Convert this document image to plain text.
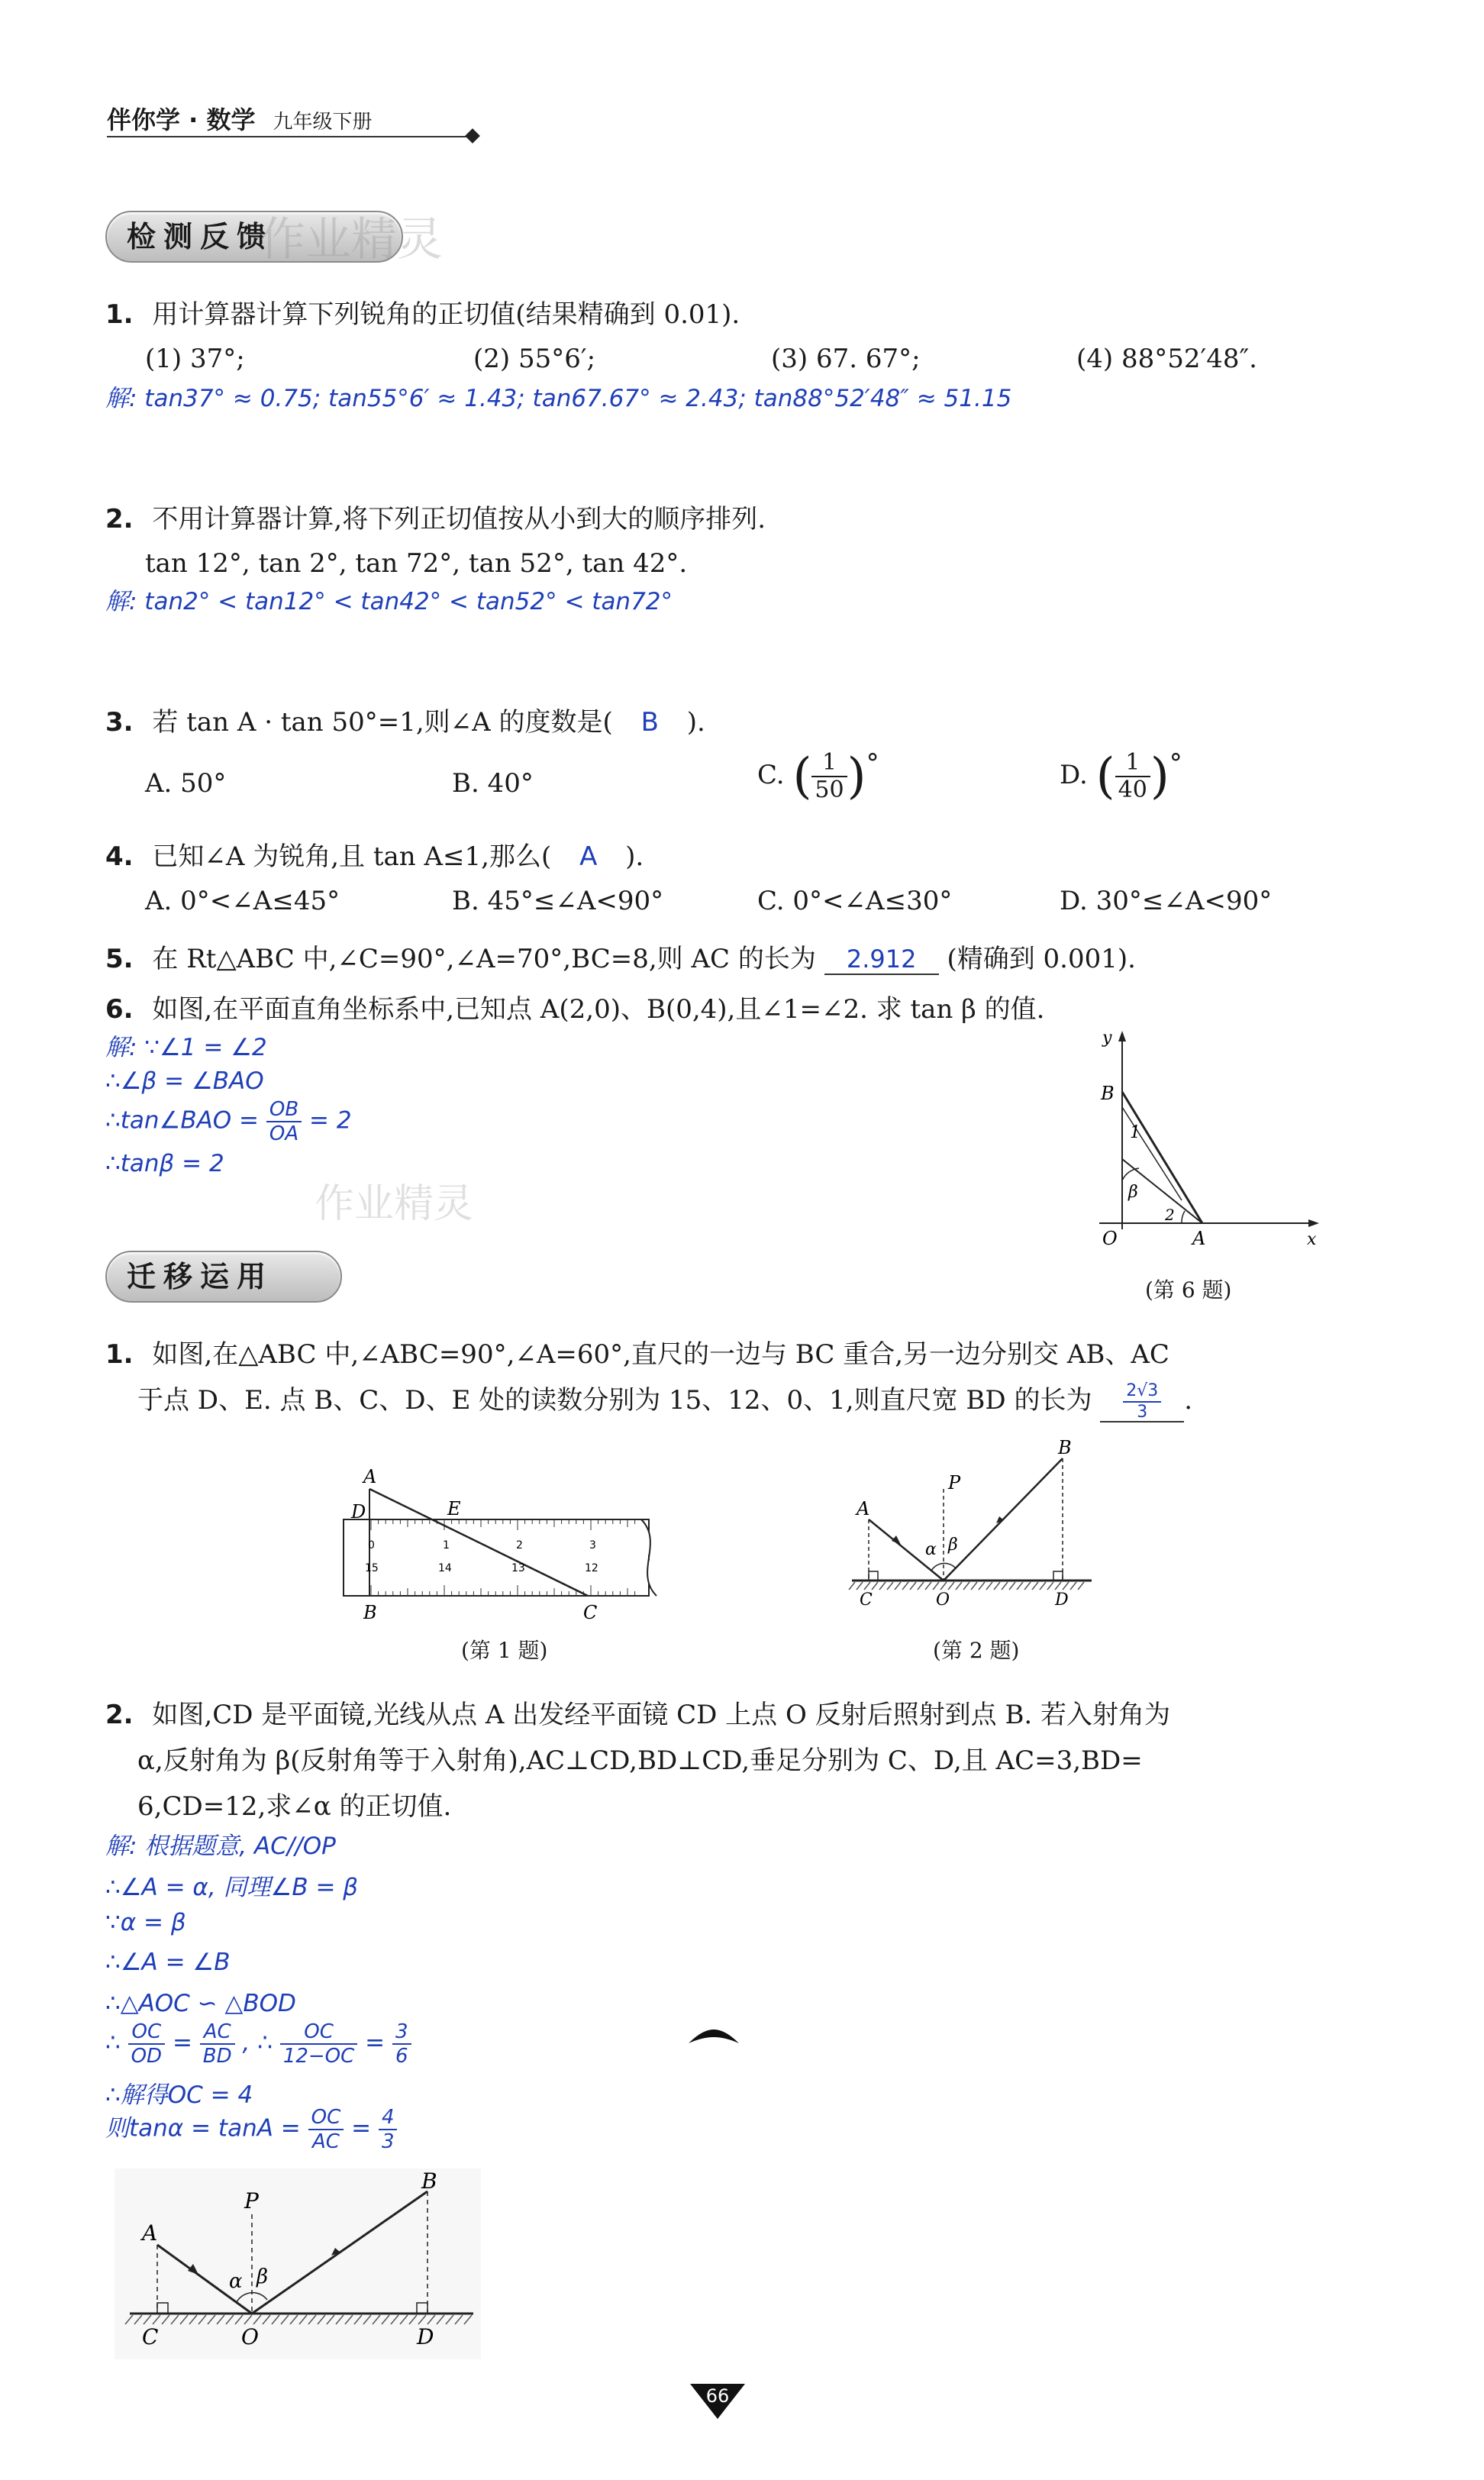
伴你学 · 数学 九年级下册
检测反馈
作业精灵
1. 用计算器计算下列锐角的正切值(结果精确到 0.01).
(1) 37°;	(2) 55°6′;	(3) 67. 67°;	(4) 88°52′48″.
解: tan37° ≈ 0.75; tan55°6′ ≈ 1.43; tan67.67° ≈ 2.43; tan88°52′48″ ≈ 51.15
2. 不用计算器计算,将下列正切值按从小到大的顺序排列.
tan 12°, tan 2°, tan 72°, tan 52°, tan 42°.
解: tan2° < tan12° < tan42° < tan52° < tan72°
3. 若 tan A · tan 50°=1,则∠A 的度数是( B ).
A. 50°	B. 40°	C. ( $\frac{1}{50}$ )°	D. ( $\frac{1}{40}$ )°
4. 已知∠A 为锐角,且 tan A≤1,那么( A ).
A. 0°<∠A≤45°	B. 45°≤∠A<90°	C. 0°<∠A≤30°	D. 30°≤∠A<90°
5. 在 Rt△ABC 中,∠C=90°,∠A=70°,BC=8,则 AC 的长为 2.912 (精确到 0.001).
6. 如图,在平面直角坐标系中,已知点 A(2,0)、B(0,4),且∠1=∠2. 求 tan β 的值.
解: ∵∠1 = ∠2
∴∠β = ∠BAO
∴tan∠BAO = $\frac{OB}{OA} = 2$
∴tanβ = 2
作业精灵
y
B
1
β
2
O	A	x
(第 6 题)
迁移运用
1. 如图,在△ABC 中,∠ABC=90°,∠A=60°,直尺的一边与 BC 重合,另一边分别交 AB、AC
于点 D、E. 点 B、C、D、E 处的读数分别为 15、12、0、1,则直尺宽 BD 的长为 $\frac{2√3}{3}$ .
A
D	E
B	C
0	1	2	3
15	14	13	12
(第 1 题)
A
P
B
α β
C	O	D
(第 2 题)
2. 如图,CD 是平面镜,光线从点 A 出发经平面镜 CD 上点 O 反射后照射到点 B. 若入射角为
α,反射角为 β(反射角等于入射角),AC⊥CD,BD⊥CD,垂足分别为 C、D,且 AC=3,BD=
6,CD=12,求∠α 的正切值.
解: 根据题意, AC//OP
∴∠A = α, 同理∠B = β
∵α = β
∴∠A = ∠B
∴△AOC ∽ △BOD
∴ $\frac{OC}{OD} = \frac{AC}{BD}$ , ∴ $\frac{OC}{12-OC} = \frac{3}{6}$
∴解得OC = 4
则$\tan\alpha = \tan A = \frac{OC}{AC} = \frac{4}{3}$
A
P
B
α β
C	O	D
66
